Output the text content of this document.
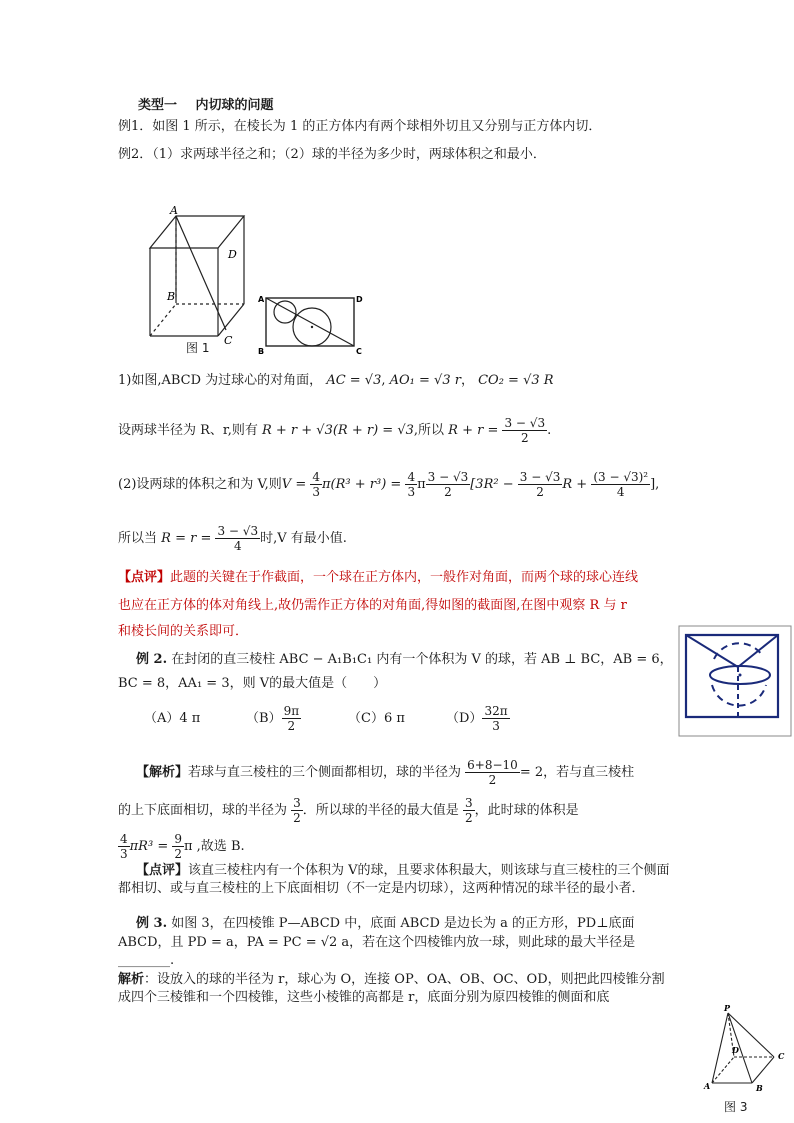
类型一 内切球的问题
例1．如图 1 所示，在棱长为 1 的正方体内有两个球相外切且又分别与正方体内切．
例2．（1）求两球半径之和；（2）球的半径为多少时，两球体积之和最小．
A
B
C
D
图 1
A	D
B	C
1)如图,ABCD 为过球心的对角面， AC = √3, AO₁ = √3 r， CO₂ = √3 R
设两球半径为 R、r,则有 R + r + √3(R + r) = √3,所以 $R + r = \frac{3 - √3}{2}$ .
(2)设两球的体积之和为 V,则$V = \frac{4}{3} \pi(R^3 + r^3) = \frac{4}{3}$ π $\frac{3 - √3}{2} [3R^2 - \frac{3 - √3}{2}$ $R + \frac{\text{(3 − √3)²}}{4}$ ],
所以当 $R = r = \frac{3 - √3}{4}$ 时,V 有最小值.
【点评】此题的关键在于作截面，一个球在正方体内，一般作对角面，而两个球的球心连线
也应在正方体的体对角线上,故仍需作正方体的对角面,得如图的截面图,在图中观察 R 与 r
和棱长间的关系即可．
例 2. 在封闭的直三棱柱 ABC − A₁B₁C₁ 内有一个体积为 V 的球，若 AB ⊥ BC，AB = 6，
BC = 8，AA₁ = 3，则 V的最大值是（　　）
（A）4 π	$(B) \frac{9\pi}{2}$	（C）6 π	$(D) \frac{32\pi}{3}$
【解析】若球与直三棱柱的三个侧面都相切，球的半径为 $\frac{6+8-10}{2} = 2$，若与直三棱柱
的上下底面相切，球的半径为 $\frac{3}{2}$ ．所以球的半径的最大值是 $\frac{3}{2}$ ，此时球的体积是
$\frac{4}{3} \pi R^3 = \frac{9}{2}$ π ,故选 B.
【点评】该直三棱柱内有一个体积为 V的球，且要求体积最大，则该球与直三棱柱的三个侧面都相切、或与直三棱柱的上下底面相切（不一定是内切球），这两种情况的球半径的最小者．
例 3. 如图 3，在四棱锥 P—ABCD 中，底面 ABCD 是边长为 a 的正方形，PD⊥底面
ABCD，且 PD = a，PA = PC = √2 a，若在这个四棱锥内放一球，则此球的最大半径是
________.
解析：设放入的球的半径为 r，球心为 O，连接 OP、OA、OB、OC、OD，则把此四棱锥分割成四个三棱锥和一个四棱锥，这些小棱锥的高都是 r，底面分别为原四棱锥的侧面和底
P
A	B
C
D
图 3
